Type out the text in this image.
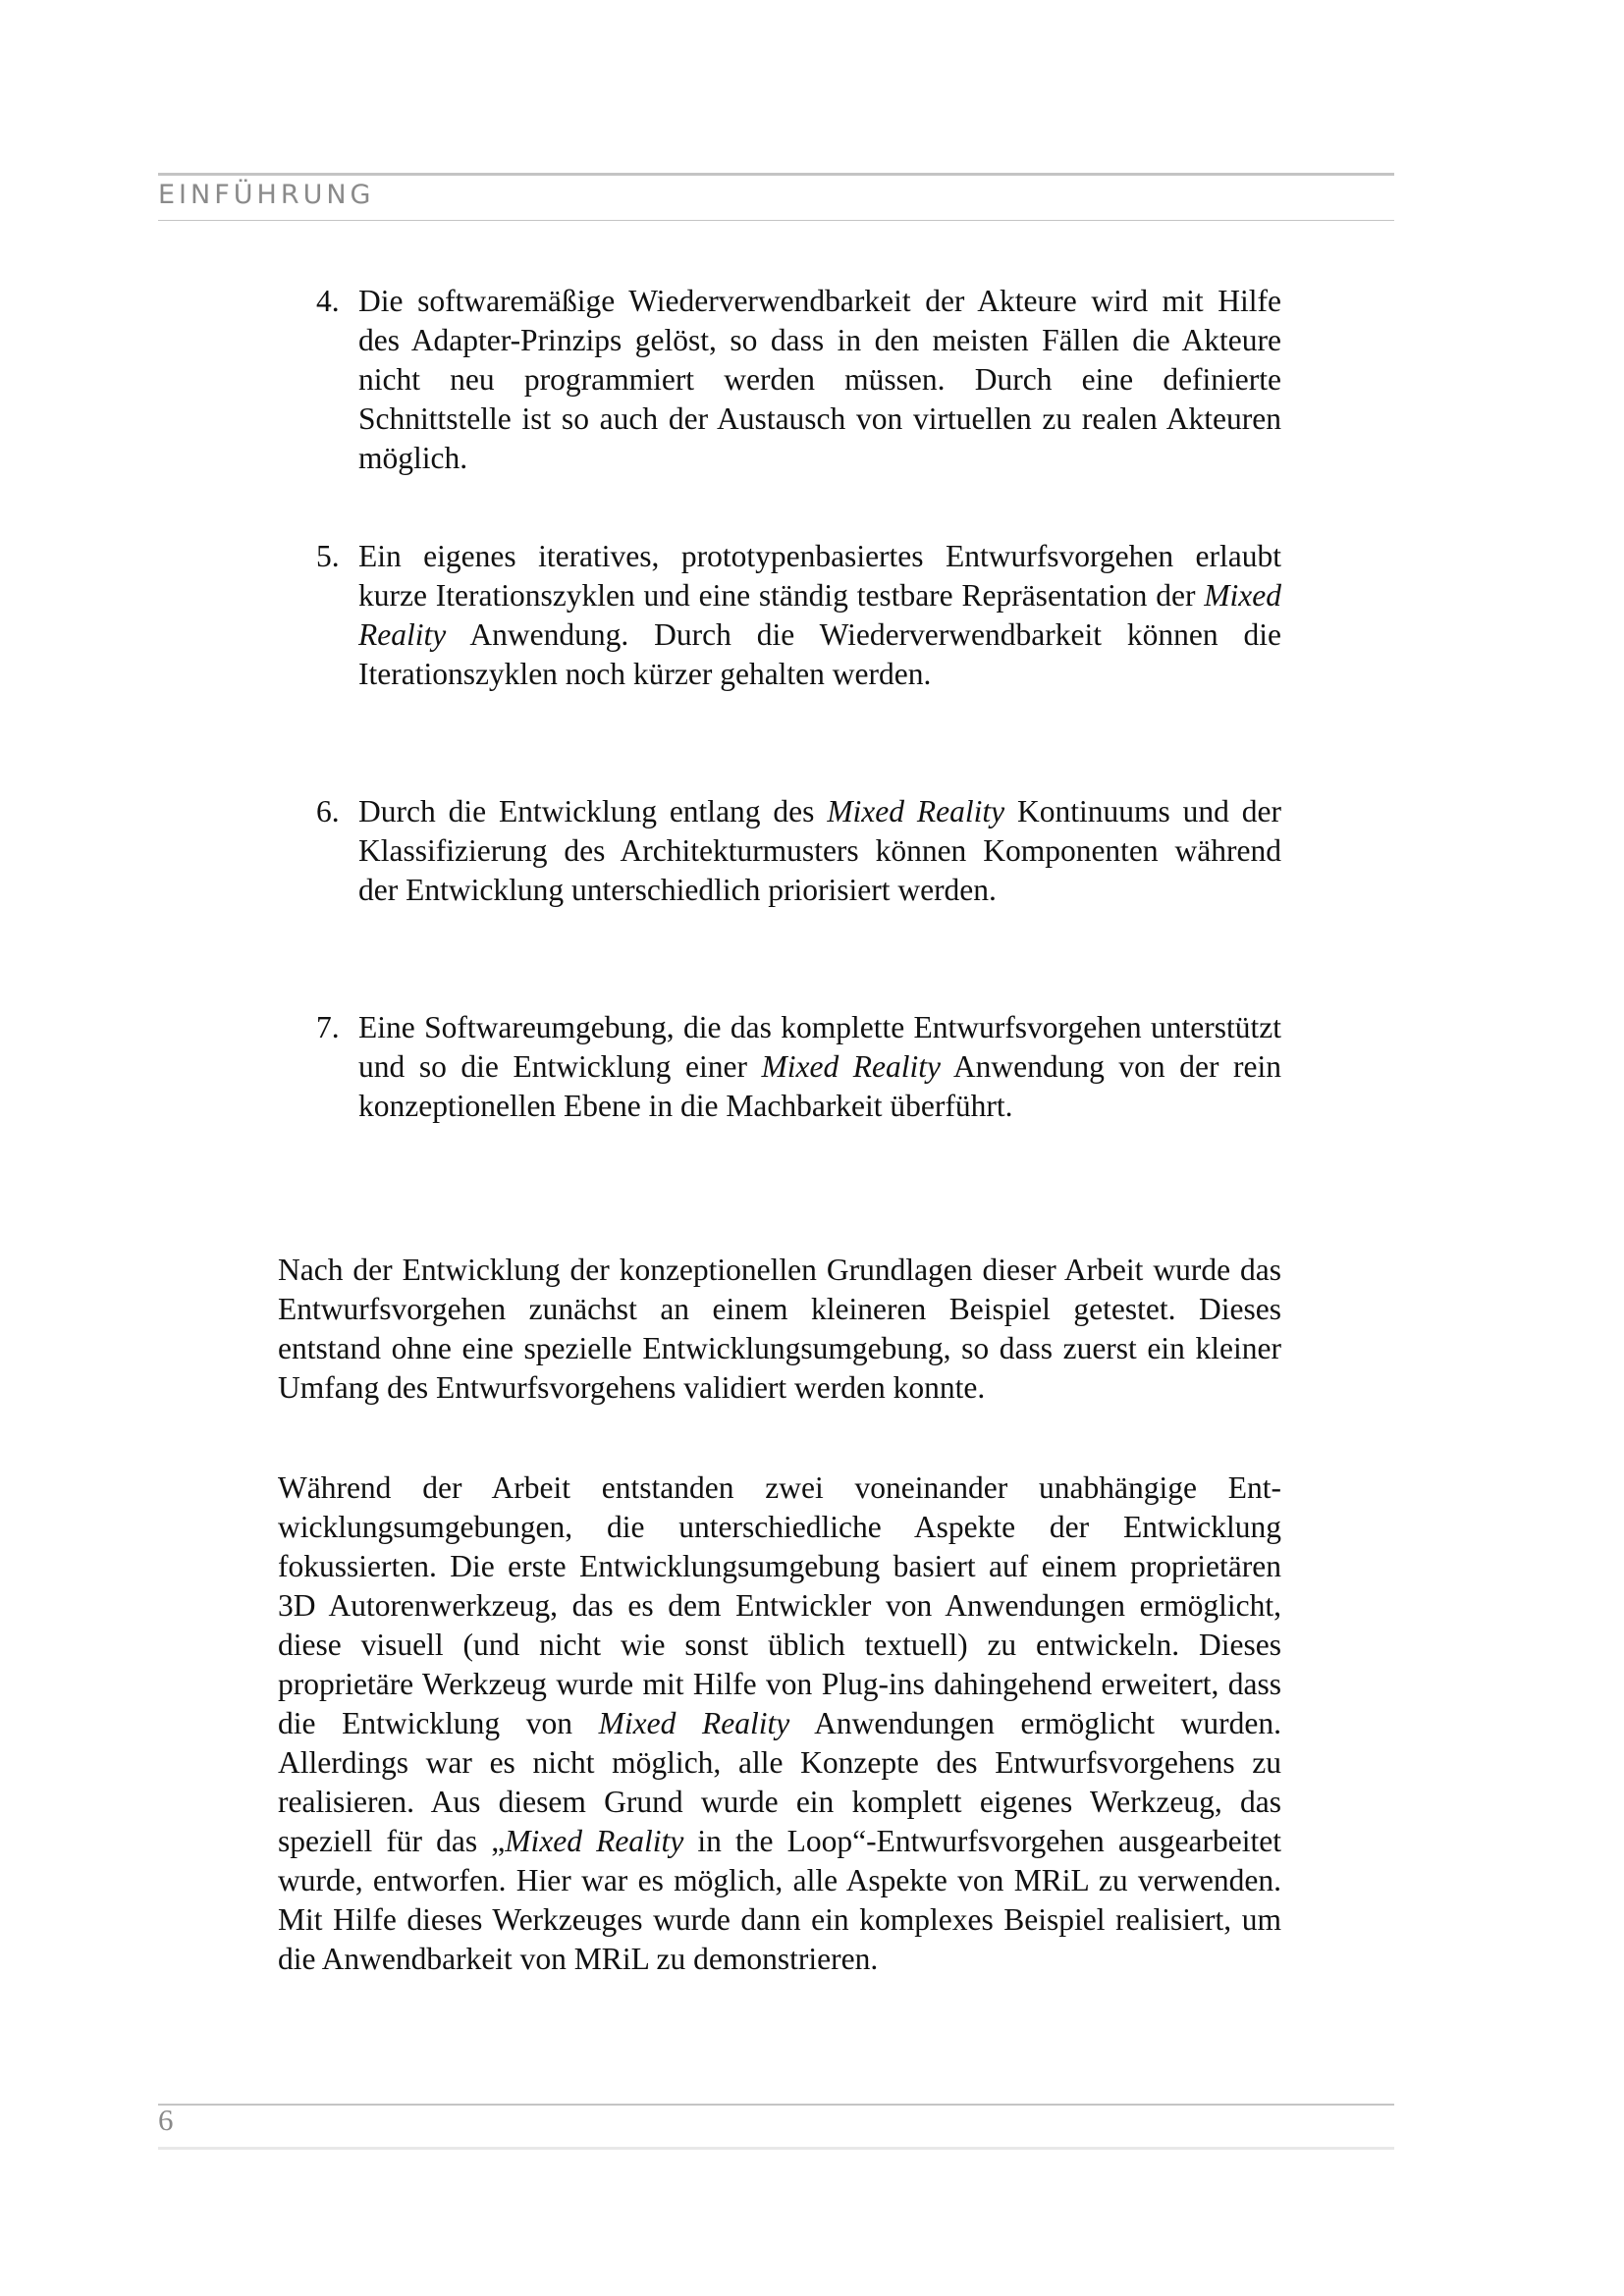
EINFÜHRUNG
4. Die softwaremäßige Wiederverwendbarkeit der Akteure wird mit Hilfe des Adapter-Prinzips gelöst, so dass in den meisten Fällen die Akteure nicht neu programmiert werden müssen. Durch eine definierte Schnittstelle ist so auch der Austausch von virtuellen zu realen Akteuren möglich.
5. Ein eigenes iteratives, prototypenbasiertes Entwurfsvorgehen erlaubt kurze Iterationszyklen und eine ständig testbare Repräsentation der Mixed Reality Anwendung. Durch die Wiederverwendbarkeit können die Iterationszyklen noch kürzer gehalten werden.
6. Durch die Entwicklung entlang des Mixed Reality Kontinuums und der Klassifizierung des Architekturmusters können Komponenten während der Entwicklung unterschiedlich priorisiert werden.
7. Eine Softwareumgebung, die das komplette Entwurfsvorgehen unterstützt und so die Entwicklung einer Mixed Reality Anwendung von der rein konzeptionellen Ebene in die Machbarkeit überführt.

Nach der Entwicklung der konzeptionellen Grundlagen dieser Arbeit wurde das Entwurfsvorgehen zunächst an einem kleineren Beispiel getestet. Dieses entstand ohne eine spezielle Entwicklungsumgebung, so dass zuerst ein kleiner Umfang des Entwurfsvorgehens validiert werden konnte.

Während der Arbeit entstanden zwei voneinander unabhängige Entwicklungsumgebungen, die unterschiedliche Aspekte der Entwicklung fokussierten. Die erste Entwicklungsumgebung basiert auf einem proprietären 3D Autorenwerkzeug, das es dem Entwickler von Anwendungen ermöglicht, diese visuell (und nicht wie sonst üblich textuell) zu entwickeln. Dieses proprietäre Werkzeug wurde mit Hilfe von Plug-ins dahingehend erweitert, dass die Entwicklung von Mixed Reality Anwendungen ermöglicht wurden. Allerdings war es nicht möglich, alle Konzepte des Entwurfsvorgehens zu realisieren. Aus diesem Grund wurde ein komplett eigenes Werkzeug, das speziell für das „Mixed Reality in the Loop“-Entwurfsvorgehen ausgearbeitet wurde, entworfen. Hier war es möglich, alle Aspekte von MRiL zu verwenden. Mit Hilfe dieses Werkzeuges wurde dann ein komplexes Beispiel realisiert, um die Anwendbarkeit von MRiL zu demonstrieren.

6
